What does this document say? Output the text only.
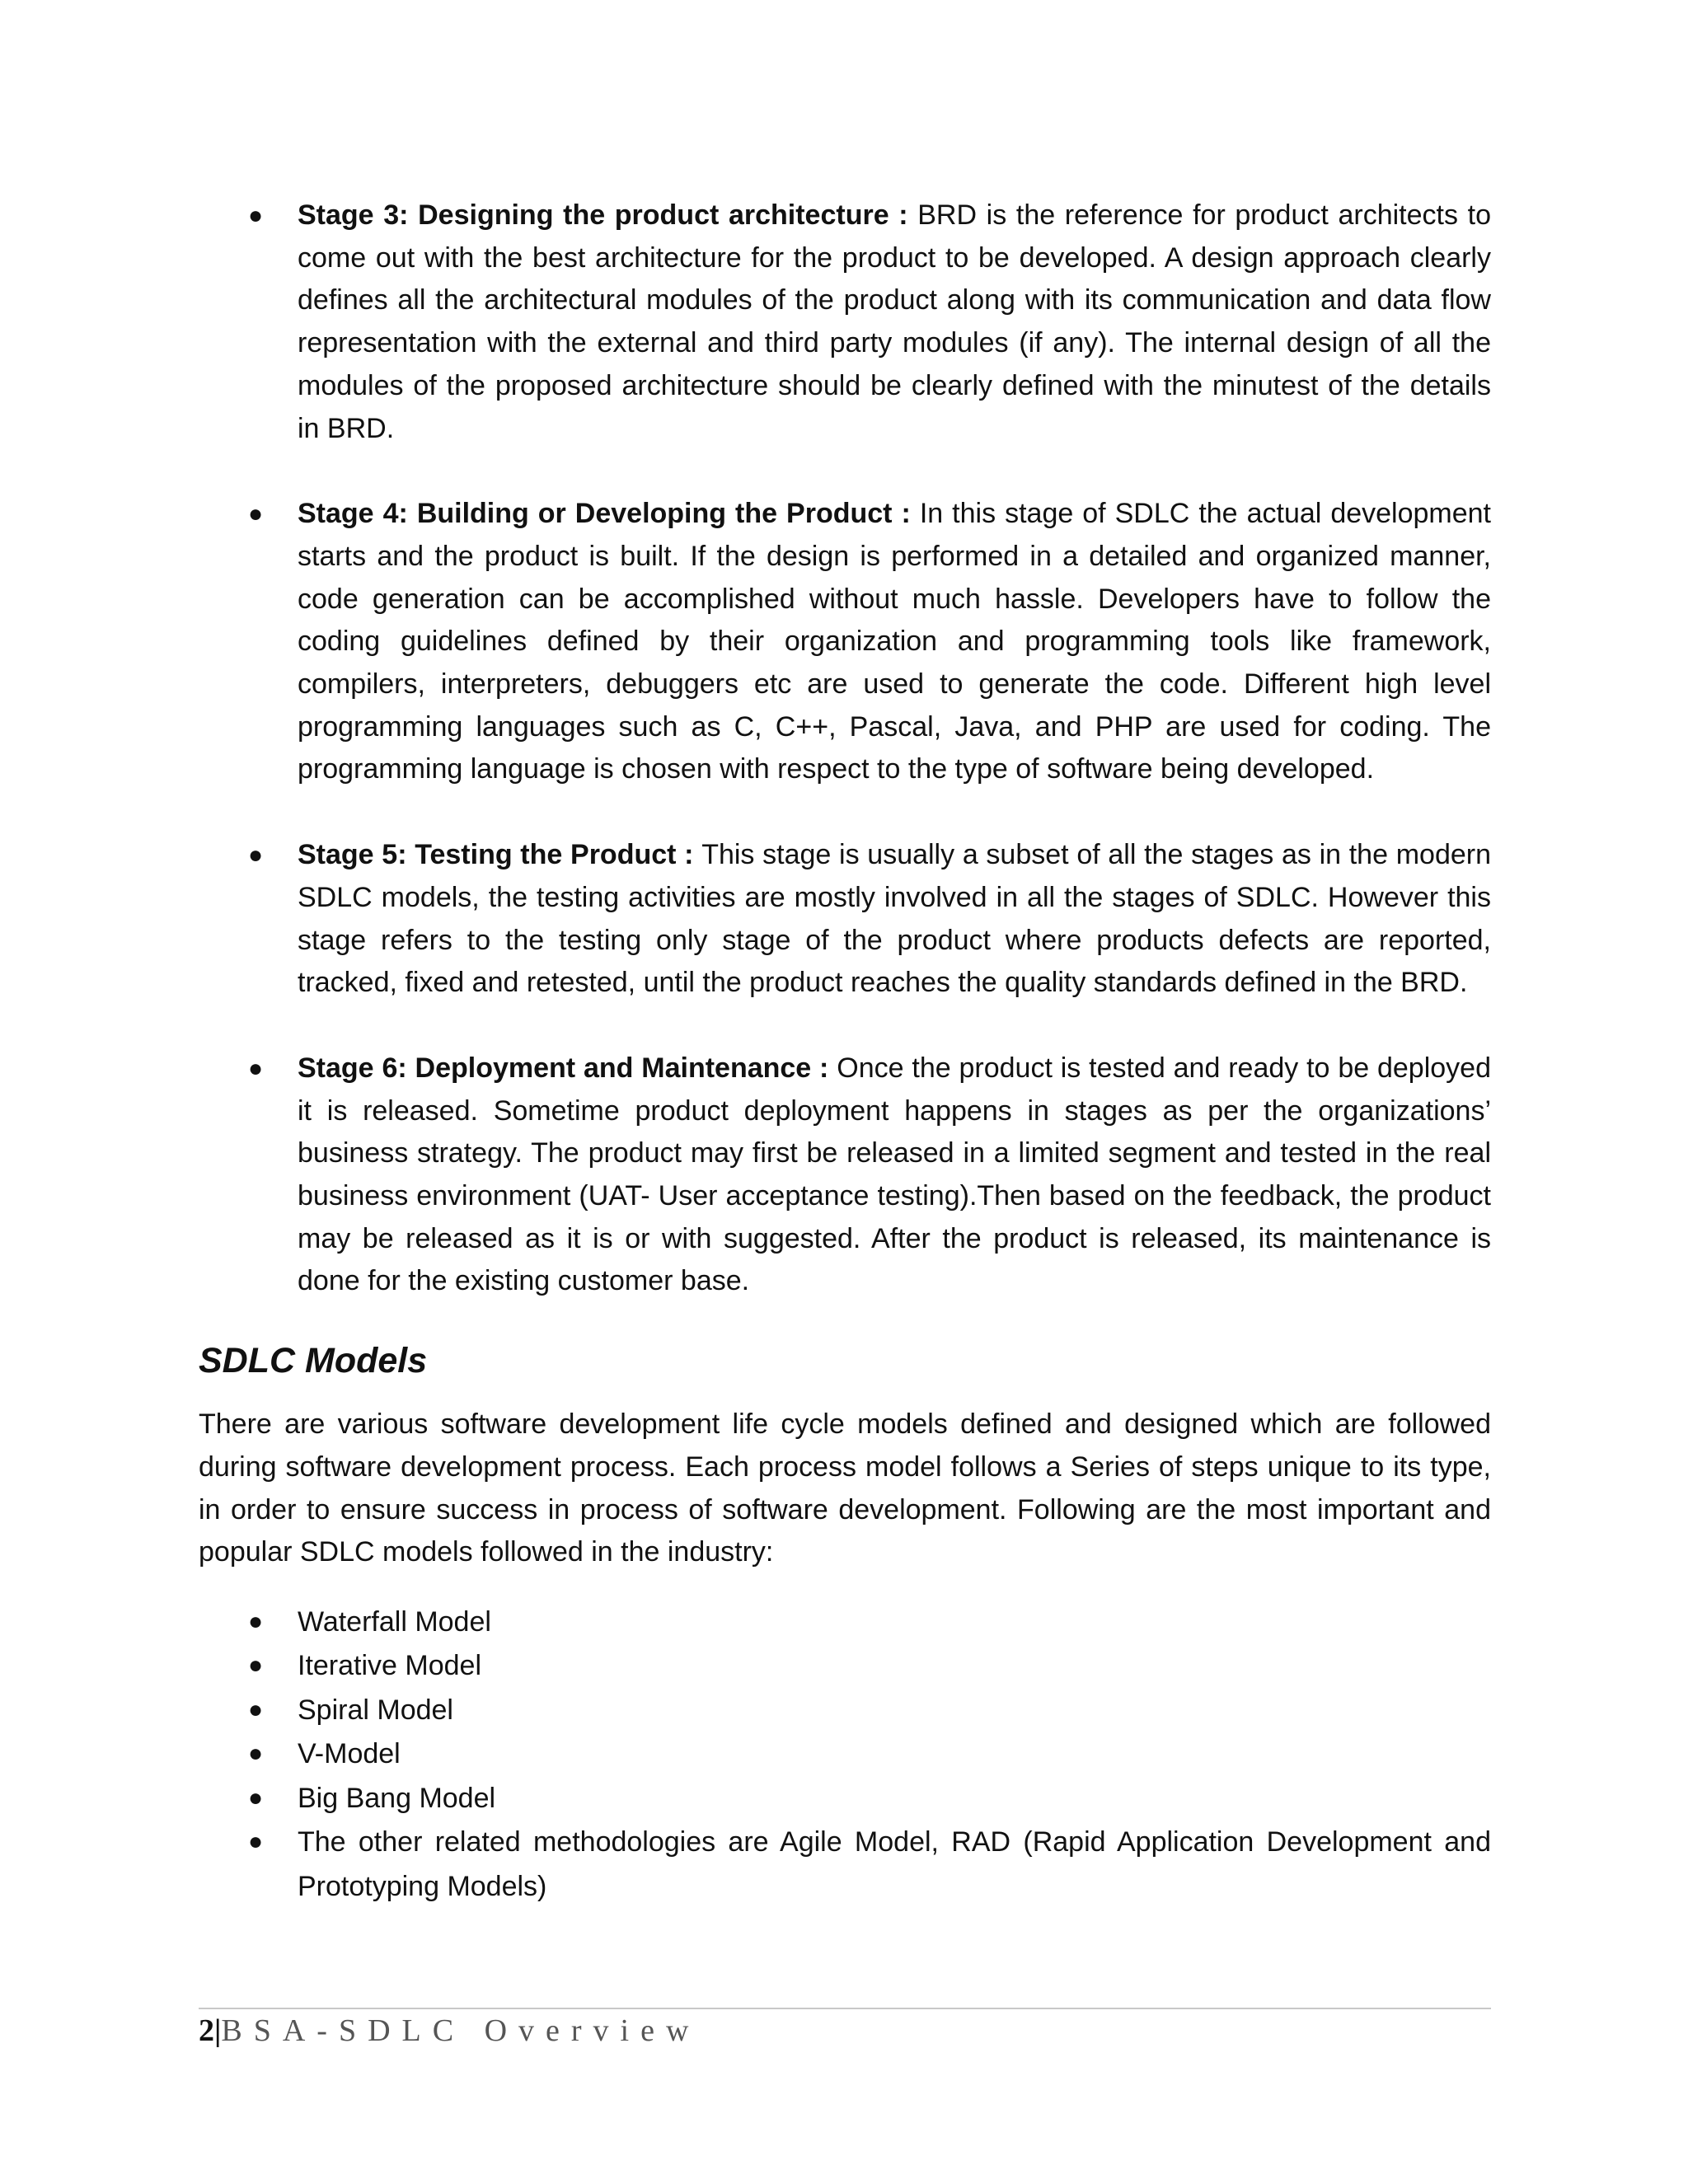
● Stage 3: Designing the product architecture : BRD is the reference for product architects to come out with the best architecture for the product to be developed. A design approach clearly defines all the architectural modules of the product along with its communication and data flow representation with the external and third party modules (if any). The internal design of all the modules of the proposed architecture should be clearly defined with the minutest of the details in BRD.
● Stage 4: Building or Developing the Product : In this stage of SDLC the actual development starts and the product is built. If the design is performed in a detailed and organized manner, code generation can be accomplished without much hassle. Developers have to follow the coding guidelines defined by their organization and programming tools like framework, compilers, interpreters, debuggers etc are used to generate the code. Different high level programming languages such as C, C++, Pascal, Java, and PHP are used for coding. The programming language is chosen with respect to the type of software being developed.
● Stage 5: Testing the Product : This stage is usually a subset of all the stages as in the modern SDLC models, the testing activities are mostly involved in all the stages of SDLC. However this stage refers to the testing only stage of the product where products defects are reported, tracked, fixed and retested, until the product reaches the quality standards defined in the BRD.
● Stage 6: Deployment and Maintenance : Once the product is tested and ready to be deployed it is released. Sometime product deployment happens in stages as per the organizations’ business strategy. The product may first be released in a limited segment and tested in the real business environment (UAT- User acceptance testing).Then based on the feedback, the product may be released as it is or with suggested. After the product is released, its maintenance is done for the existing customer base.
SDLC Models

There are various software development life cycle models defined and designed which are followed during software development process. Each process model follows a Series of steps unique to its type, in order to ensure success in process of software development. Following are the most important and popular SDLC models followed in the industry:

● Waterfall Model
● Iterative Model
● Spiral Model
● V-Model
● Big Bang Model
● The other related methodologies are Agile Model, RAD (Rapid Application Development and Prototyping Models)
2|BSA-SDLC Overview
